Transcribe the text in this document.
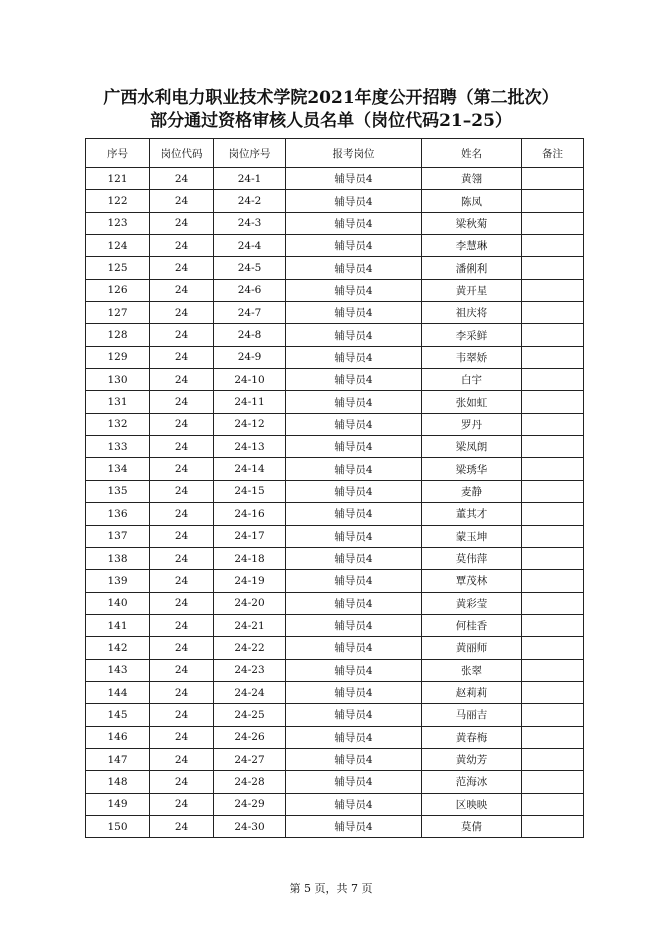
广西水利电力职业技术学院2021年度公开招聘（第二批次）
部分通过资格审核人员名单（岗位代码21–25）
序号	岗位代码	岗位序号	报考岗位	姓名	备注
121	24	24-1	辅导员4	黄翎	
122	24	24-2	辅导员4	陈凤	
123	24	24-3	辅导员4	梁秋菊	
124	24	24-4	辅导员4	李慧琳	
125	24	24-5	辅导员4	潘俐利	
126	24	24-6	辅导员4	黄开星	
127	24	24-7	辅导员4	祖庆将	
128	24	24-8	辅导员4	李采鲜	
129	24	24-9	辅导员4	韦翠娇	
130	24	24-10	辅导员4	白宇	
131	24	24-11	辅导员4	张如虹	
132	24	24-12	辅导员4	罗丹	
133	24	24-13	辅导员4	梁凤朗	
134	24	24-14	辅导员4	梁琇华	
135	24	24-15	辅导员4	麦静	
136	24	24-16	辅导员4	董其才	
137	24	24-17	辅导员4	蒙玉坤	
138	24	24-18	辅导员4	莫伟萍	
139	24	24-19	辅导员4	覃茂林	
140	24	24-20	辅导员4	黄彩莹	
141	24	24-21	辅导员4	何桂香	
142	24	24-22	辅导员4	黄丽师	
143	24	24-23	辅导员4	张翠	
144	24	24-24	辅导员4	赵莉莉	
145	24	24-25	辅导员4	马丽吉	
146	24	24-26	辅导员4	黄春梅	
147	24	24-27	辅导员4	黄幼芳	
148	24	24-28	辅导员4	范海冰	
149	24	24-29	辅导员4	区映映	
150	24	24-30	辅导员4	莫倩	
第 5 页，共 7 页
